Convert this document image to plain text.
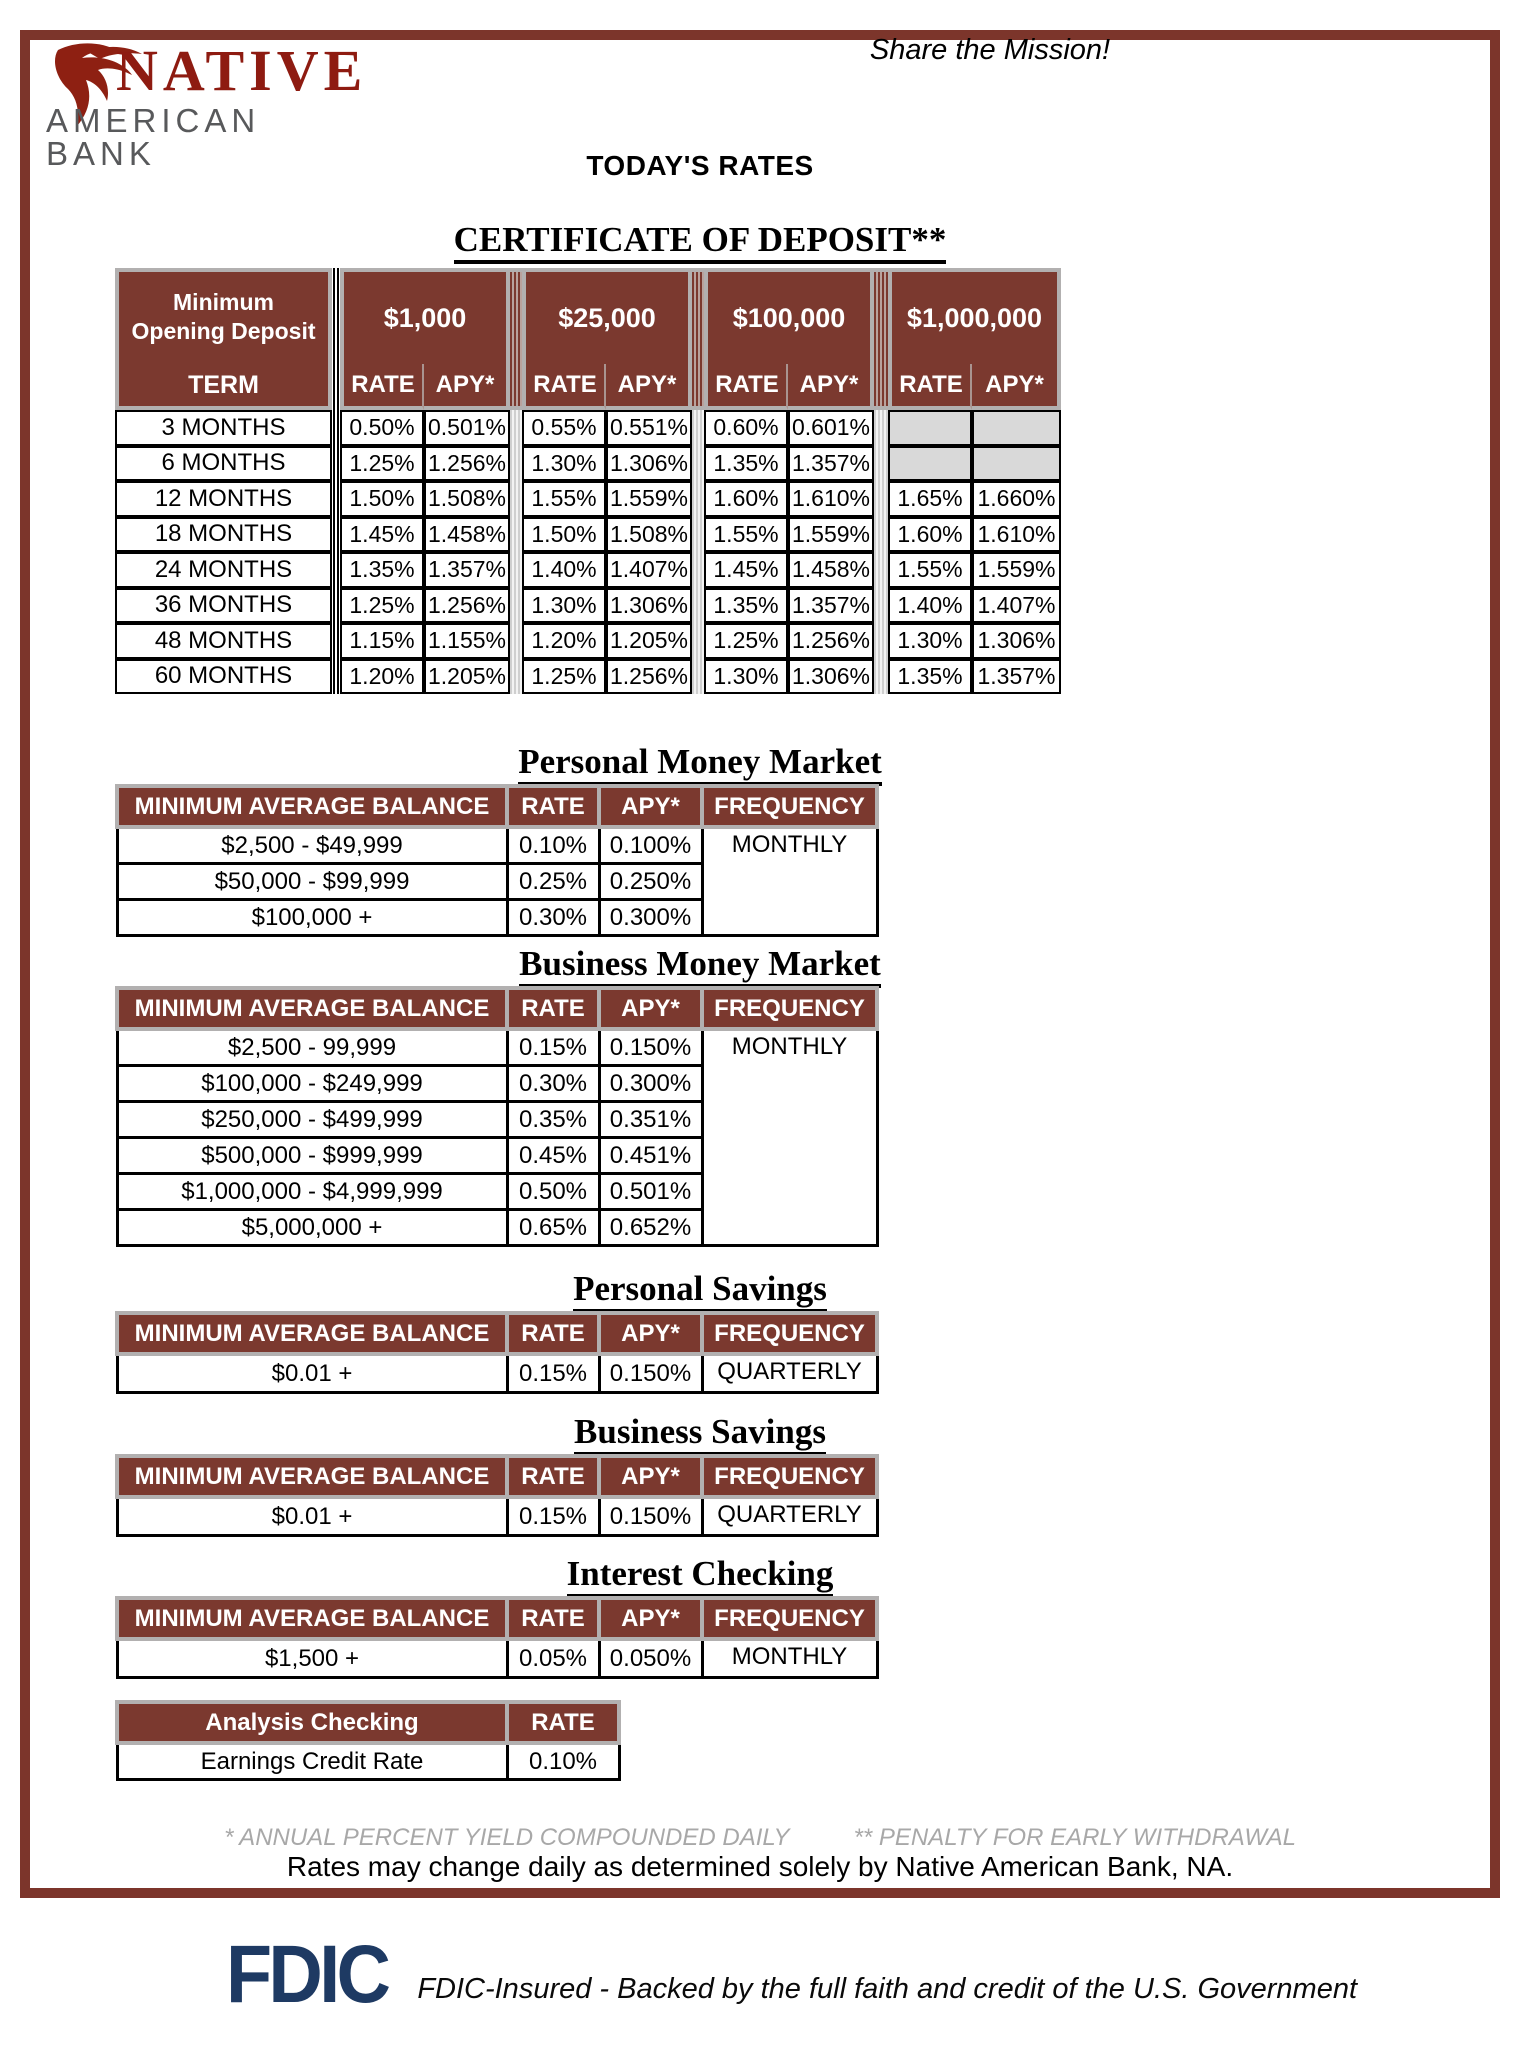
NATIVE
AMERICAN BANK
Share the Mission!
TODAY'S RATES
CERTIFICATE OF DEPOSIT**
Minimum Opening Deposit
TERM
$1,000
RATE APY*
$25,000
RATE APY*
$100,000
RATE APY*
$1,000,000
RATE APY*
3 MONTHS	0.50% 0.501%	0.55% 0.551%	0.60% 0.601%
6 MONTHS	1.25% 1.256%	1.30% 1.306%	1.35% 1.357%
12 MONTHS	1.50% 1.508%	1.55% 1.559%	1.60% 1.610%	1.65% 1.660%
18 MONTHS	1.45% 1.458%	1.50% 1.508%	1.55% 1.559%	1.60% 1.610%
24 MONTHS	1.35% 1.357%	1.40% 1.407%	1.45% 1.458%	1.55% 1.559%
36 MONTHS	1.25% 1.256%	1.30% 1.306%	1.35% 1.357%	1.40% 1.407%
48 MONTHS	1.15% 1.155%	1.20% 1.205%	1.25% 1.256%	1.30% 1.306%
60 MONTHS	1.20% 1.205%	1.25% 1.256%	1.30% 1.306%	1.35% 1.357%
Personal Money Market
MINIMUM AVERAGE BALANCE	RATE	APY*	FREQUENCY
$2,500 - $49,999	0.10%	0.100%	MONTHLY
$50,000 - $99,999	0.25%	0.250%	
$100,000 +	0.30%	0.300%	
Business Money Market
MINIMUM AVERAGE BALANCE	RATE	APY*	FREQUENCY
$2,500 - 99,999	0.15%	0.150%	MONTHLY
$100,000 - $249,999	0.30%	0.300%	
$250,000 - $499,999	0.35%	0.351%	
$500,000 - $999,999	0.45%	0.451%	
$1,000,000 - $4,999,999	0.50%	0.501%	
$5,000,000 +	0.65%	0.652%	
Personal Savings
MINIMUM AVERAGE BALANCE	RATE	APY*	FREQUENCY
$0.01 +	0.15%	0.150%	QUARTERLY
Business Savings
MINIMUM AVERAGE BALANCE	RATE	APY*	FREQUENCY
$0.01 +	0.15%	0.150%	QUARTERLY
Interest Checking
MINIMUM AVERAGE BALANCE	RATE	APY*	FREQUENCY
$1,500 +	0.05%	0.050%	MONTHLY
Analysis Checking	RATE
Earnings Credit Rate	0.10%
* ANNUAL PERCENT YIELD COMPOUNDED DAILY	** PENALTY FOR EARLY WITHDRAWAL
Rates may change daily as determined solely by Native American Bank, NA.
FDIC FDIC-Insured - Backed by the full faith and credit of the U.S. Government
